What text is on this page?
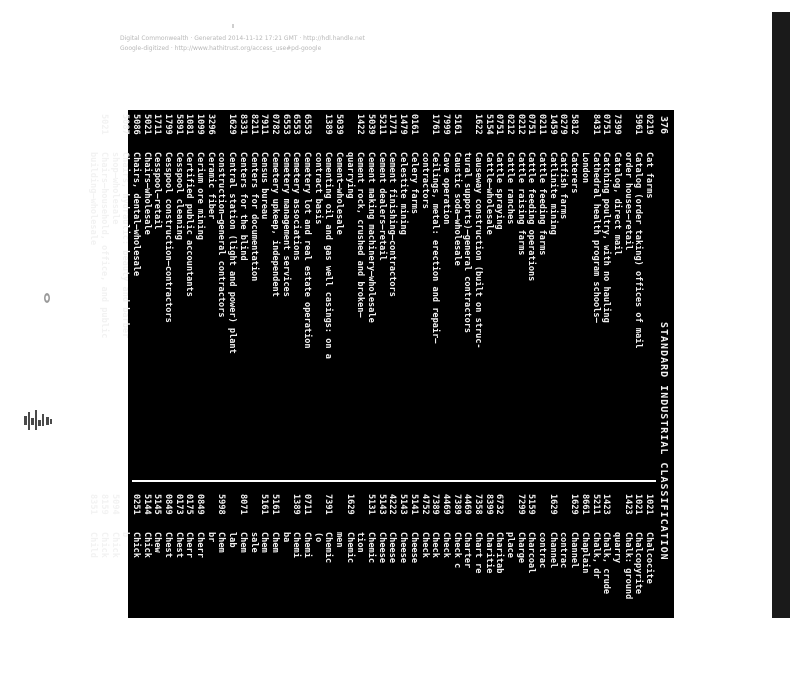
Digital Commonwealth · Generated 2014-11-12 17:21 GMT · http://hdl.handle.net
Google-digitized · http://www.hathitrust.org/access_use#pd-google
376
STANDARD INDUSTRIAL CLASSIFICATION
0219
Cat farms
5961
Catalog (order taking) offices of mail
order houses—retail
7399
Catalog, direct mail
0751
Catching poultry, with no hauling
8431
Cathedral health program schools—
London
5812
Caterers
0279
Catfish farms
1459
Catlinite mining
0211
Cattle feeding farms
0751
Cattle feeding operations
0212
Cattle raising farms
0212
Cattle ranches
0751
Cattle spraying
5154
Cattle—wholesale
1622
Causeway construction (built on struc-
tural supports)—general contractors
5161
Caustic soda—wholesale
7999
Cave operation
1761
Ceilings, metal: erection and repair—
contractors
0161
Celery farms
1479
Celestite mining
1771
Cement finishing—contractors
5211
Cement dealers—retail
5039
Cement making machinery—wholesale
1422
Cement rock, crushed and broken—
quarrying
5039
Cement—wholesale
1389
Cementing oil and gas well casings: on a
contract basis
6553
Cemetery lot and real estate operation
6553
Cemetery associations
6553
Cemetery management services
0782
Cemetery upkeep, independent
7911
Census bureau
8211
Centers for documentation
8331
Centers for the blind
1629
Central station (light and power) plant
construction—general contractors
3296
Ceramic fiber
1099
Cerium ore mining
1081
Certified public accountants
5891
Cesspool cleaning
1799
Cesspool construction—contractors
1711
Cesspool—retail
5021
Chairs—wholesale
5086
Chairs, dental—wholesale
5087
Chairs, hydraulic: beauty and barber
shop—wholesale
5021
Chairs—household, office, and public
building—wholesale
1021
Chalcocite
1021
Chalcopyrite
1423
Chalk: ground
quarry
1423
Chalk, crude
5211
Chalk, dr
8661
Chaplain
1629
Channel
contrac
1629
Channel
contrac
5159
Charcoal
7299
Charge
place
6732
Charitab
8399
Charitie
7358
Chart re
4469
Charter
7389
Check c
4469
Check
7389
Check
4752
Check
5141
Cheese
5143
Cheese
4222
Cheese
5143
Cheese
5131
Chemic
tion
1629
Chemic
men
7391
Chemic
(o
0711
Chemi
1389
Chemi
ba
5161
Chem
5161
Chem
sale
8071
Chem
lab
5998
Chem
br
0849
Cherr
0175
Cherr
0173
Chest
0849
Chest
5145
Chew
5144
Chick
0251
Chick
b
5094
Chick
8159
Chick
8351
Child
